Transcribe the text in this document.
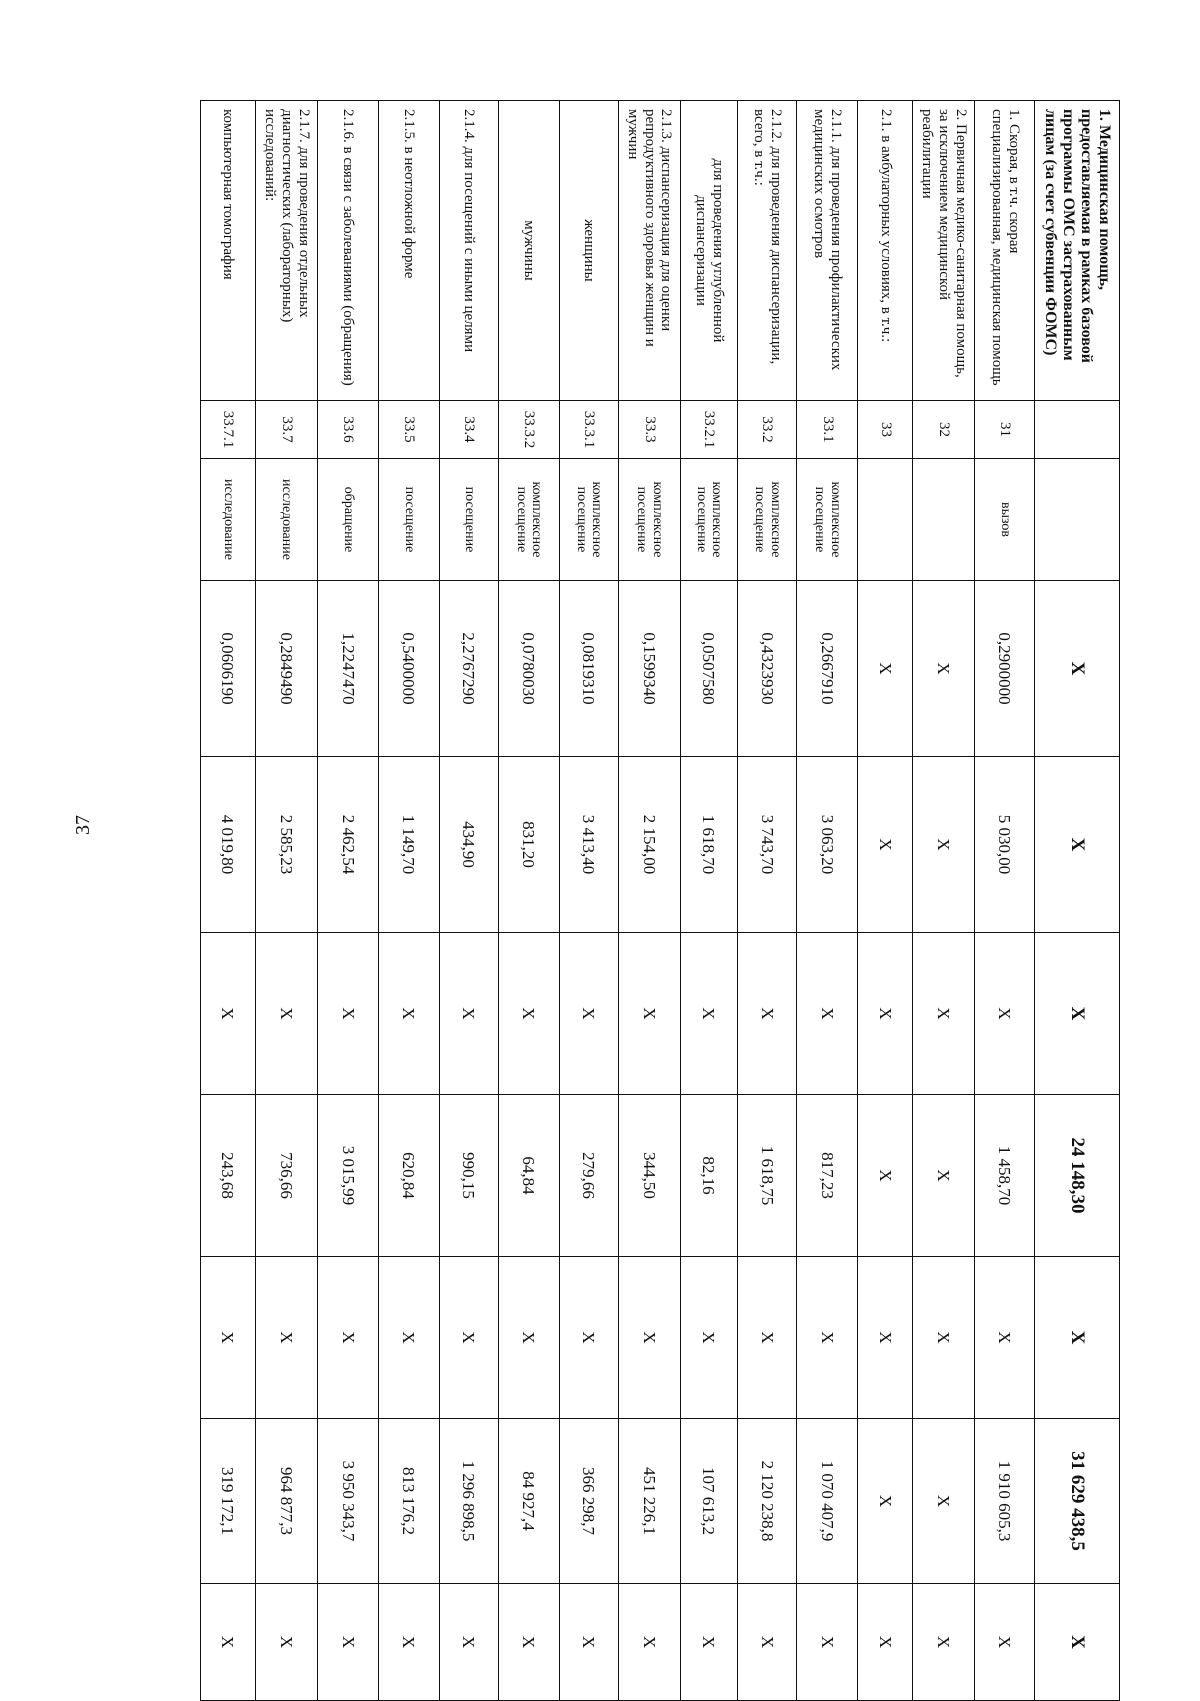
37
1. Медицинская помощь, предоставляемая в рамках базовой программы ОМС застрахованным лицам (за счет субвенции ФОМС)			X	X	X	24 148,30	X	31 629 438,5	X
1. Скорая, в т.ч. скорая специализированная, медицинская помощь	31	вызов	0,2900000	5 030,00	X	1 458,70	X	1 910 605,3	X
2. Первичная медико-санитарная помощь, за исключением медицинской реабилитации	32		X	X	X	X	X	X	X
2.1. в амбулаторных условиях, в т.ч.:	33		X	X	X	X	X	X	X
2.1.1. для проведения профилактических медицинских осмотров	33.1	комплексное посещение	0,2667910	3 063,20	X	817,23	X	1 070 407,9	X
2.1.2. для проведения диспансеризации, всего, в т.ч.:	33.2	комплексное посещение	0,4323930	3 743,70	X	1 618,75	X	2 120 238,8	X
для проведения углубленной диспансеризации	33.2.1	комплексное посещение	0,0507580	1 618,70	X	82,16	X	107 613,2	X
2.1.3. диспансеризация для оценки репродуктивного здоровья женщин и мужчин	33.3	комплексное посещение	0,1599340	2 154,00	X	344,50	X	451 226,1	X
женщины	33.3.1	комплексное посещение	0,0819310	3 413,40	X	279,66	X	366 298,7	X
мужчины	33.3.2	комплексное посещение	0,0780030	831,20	X	64,84	X	84 927,4	X
2.1.4. для посещений с иными целями	33.4	посещение	2,2767290	434,90	X	990,15	X	1 296 898,5	X
2.1.5. в неотложной форме	33.5	посещение	0,5400000	1 149,70	X	620,84	X	813 176,2	X
2.1.6. в связи с заболеваниями (обращения)	33.6	обращение	1,2247470	2 462,54	X	3 015,99	X	3 950 343,7	X
2.1.7. для проведения отдельных диагностических (лабораторных) исследований:	33.7	исследование	0,2849490	2 585,23	X	736,66	X	964 877,3	X
компьютерная томография	33.7.1	исследование	0,0606190	4 019,80	X	243,68	X	319 172,1	X
